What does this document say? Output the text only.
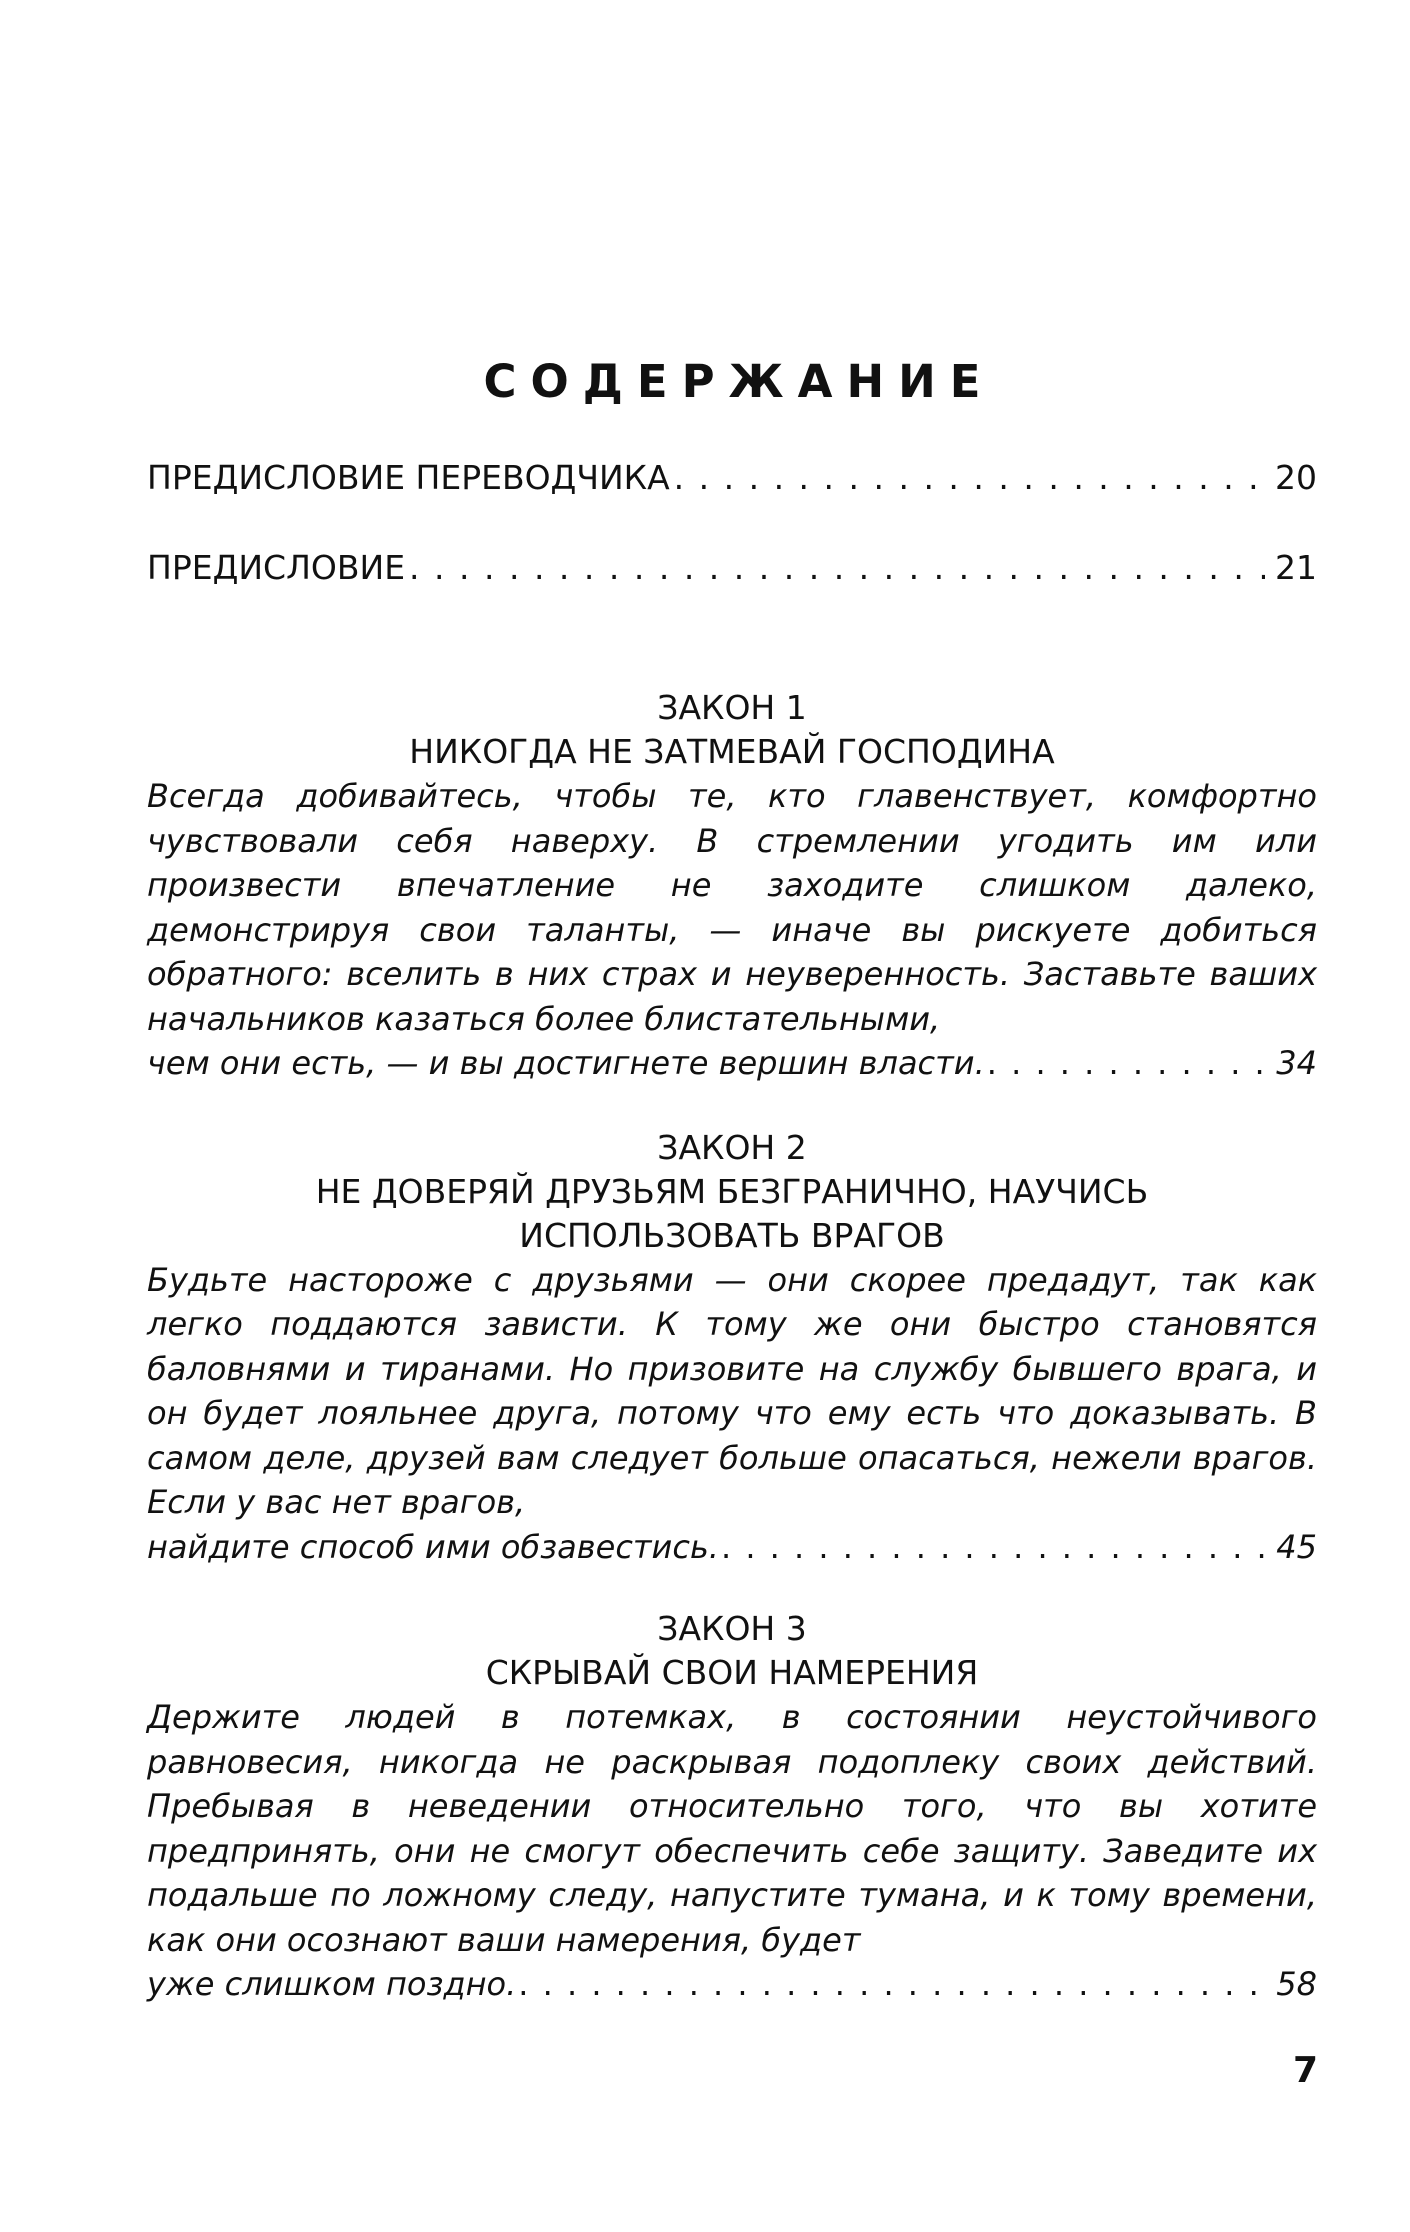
СОДЕРЖАНИЕ
ПРЕДИСЛОВИЕ ПЕРЕВОДЧИКА . . .	20
ПРЕДИСЛОВИЕ . . .	21
ЗАКОН 1
НИКОГДА НЕ ЗАТМЕВАЙ ГОСПОДИНА
Всегда добивайтесь, чтобы те, кто главенствует, комфортно чувствовали себя наверху. В стремлении угодить им или произвести впечатление не заходите слишком далеко, демонстрируя свои таланты, — иначе вы рискуете добиться обратного: вселить в них страх и неуверенность. Заставьте ваших начальников казаться более блистательными,
чем они есть, — и вы достигнете вершин власти. . . .	34
ЗАКОН 2
НЕ ДОВЕРЯЙ ДРУЗЬЯМ БЕЗГРАНИЧНО, НАУЧИСЬ
ИСПОЛЬЗОВАТЬ ВРАГОВ
Будьте настороже с друзьями — они скорее предадут, так как легко поддаются зависти. К тому же они быстро становятся баловнями и тиранами. Но призовите на службу бывшего врага, и он будет лояльнее друга, потому что ему есть что доказывать. В самом деле, друзей вам следует больше опасаться, нежели врагов. Если у вас нет врагов,
найдите способ ими обзавестись. . . .	45
ЗАКОН 3
СКРЫВАЙ СВОИ НАМЕРЕНИЯ
Держите людей в потемках, в состоянии неустойчивого равновесия, никогда не раскрывая подоплеку своих действий. Пребывая в неведении относительно того, что вы хотите предпринять, они не смогут обеспечить себе защиту. Заведите их подальше по ложному следу, напустите тумана, и к тому времени, как они осознают ваши намерения, будет
уже слишком поздно. . . .	58
7
